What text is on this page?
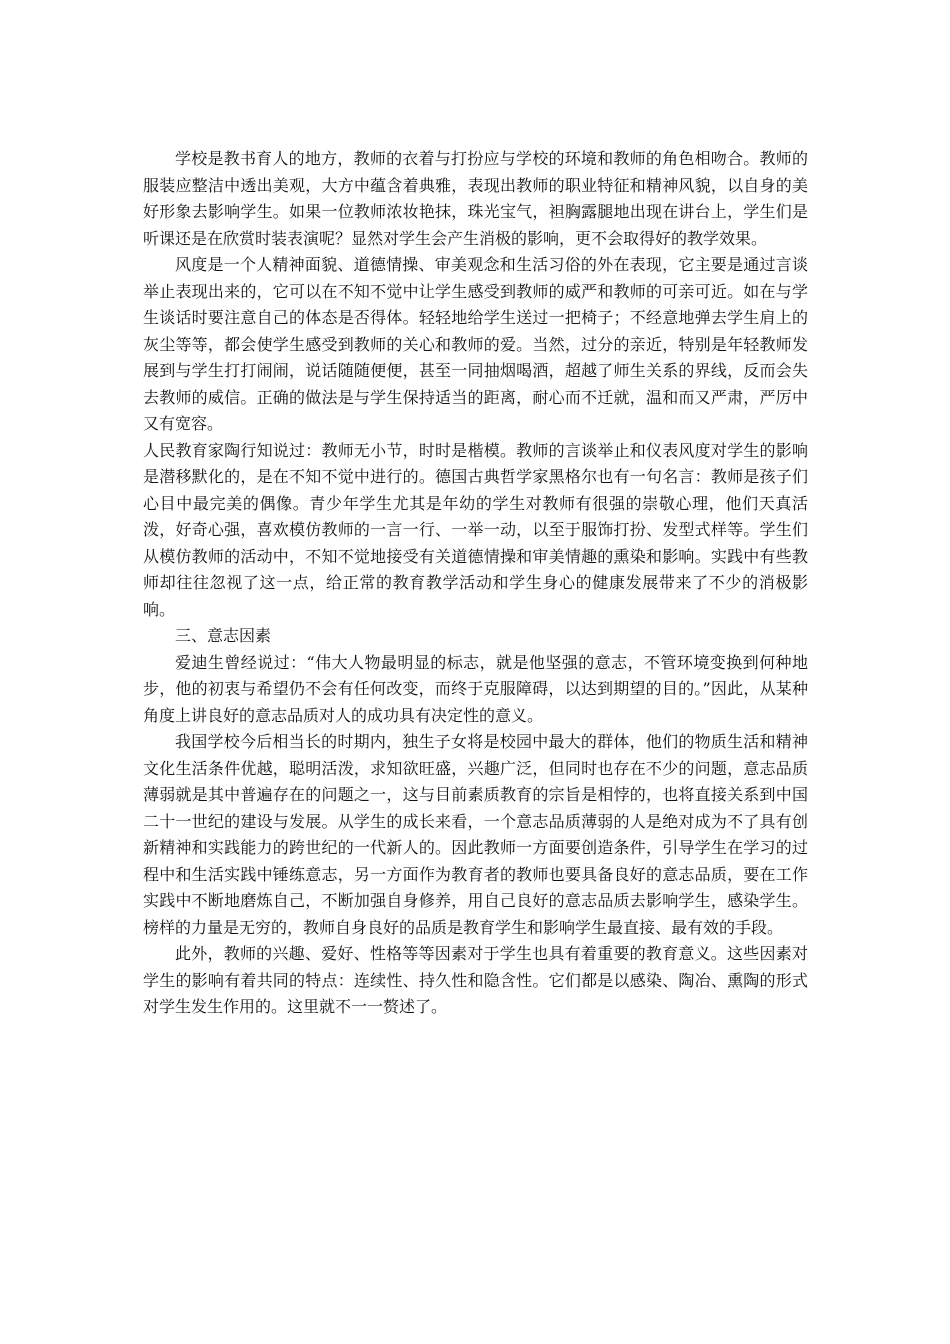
学校是教书育人的地方，教师的衣着与打扮应与学校的环境和教师的角色相吻合。教师的服装应整洁中透出美观，大方中蕴含着典雅，表现出教师的职业特征和精神风貌，以自身的美好形象去影响学生。如果一位教师浓妆艳抹，珠光宝气，袒胸露腿地出现在讲台上，学生们是听课还是在欣赏时装表演呢？显然对学生会产生消极的影响，更不会取得好的教学效果。

风度是一个人精神面貌、道德情操、审美观念和生活习俗的外在表现，它主要是通过言谈举止表现出来的，它可以在不知不觉中让学生感受到教师的威严和教师的可亲可近。如在与学生谈话时要注意自己的体态是否得体。轻轻地给学生送过一把椅子；不经意地弹去学生肩上的灰尘等等，都会使学生感受到教师的关心和教师的爱。当然，过分的亲近，特别是年轻教师发展到与学生打打闹闹，说话随随便便，甚至一同抽烟喝酒，超越了师生关系的界线，反而会失去教师的威信。正确的做法是与学生保持适当的距离，耐心而不迁就，温和而又严肃，严厉中又有宽容。

人民教育家陶行知说过：教师无小节，时时是楷模。教师的言谈举止和仪表风度对学生的影响是潜移默化的，是在不知不觉中进行的。德国古典哲学家黑格尔也有一句名言：教师是孩子们心目中最完美的偶像。青少年学生尤其是年幼的学生对教师有很强的崇敬心理，他们天真活泼，好奇心强，喜欢模仿教师的一言一行、一举一动，以至于服饰打扮、发型式样等。学生们从模仿教师的活动中，不知不觉地接受有关道德情操和审美情趣的熏染和影响。实践中有些教师却往往忽视了这一点，给正常的教育教学活动和学生身心的健康发展带来了不少的消极影响。

三、意志因素

爱迪生曾经说过：“伟大人物最明显的标志，就是他坚强的意志，不管环境变换到何种地步，他的初衷与希望仍不会有任何改变，而终于克服障碍，以达到期望的目的。”因此，从某种角度上讲良好的意志品质对人的成功具有决定性的意义。

我国学校今后相当长的时期内，独生子女将是校园中最大的群体，他们的物质生活和精神文化生活条件优越，聪明活泼，求知欲旺盛，兴趣广泛，但同时也存在不少的问题，意志品质薄弱就是其中普遍存在的问题之一，这与目前素质教育的宗旨是相悖的，也将直接关系到中国二十一世纪的建设与发展。从学生的成长来看，一个意志品质薄弱的人是绝对成为不了具有创新精神和实践能力的跨世纪的一代新人的。因此教师一方面要创造条件，引导学生在学习的过程中和生活实践中锤练意志，另一方面作为教育者的教师也要具备良好的意志品质，要在工作实践中不断地磨炼自己，不断加强自身修养，用自己良好的意志品质去影响学生，感染学生。榜样的力量是无穷的，教师自身良好的品质是教育学生和影响学生最直接、最有效的手段。

此外，教师的兴趣、爱好、性格等等因素对于学生也具有着重要的教育意义。这些因素对学生的影响有着共同的特点：连续性、持久性和隐含性。它们都是以感染、陶冶、熏陶的形式对学生发生作用的。这里就不一一赘述了。
